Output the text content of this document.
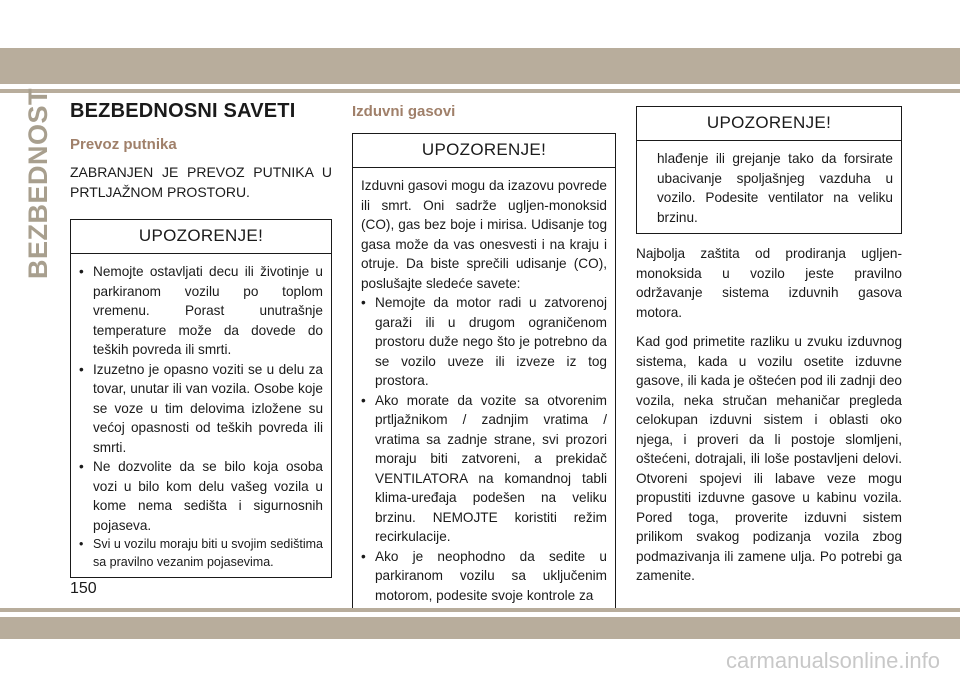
BEZBEDNOST BEZBEDNOSNI SAVETI
Prevoz putnika

ZABRANJEN JE PREVOZ PUTNIKA U PRTLJAŽNOM PROSTORU.

UPOZORENJE!
• Nemojte ostavljati decu ili životinje u parkiranom vozilu po toplom vremenu. Porast unutrašnje temperature može da dovede do teških povreda ili smrti.
• Izuzetno je opasno voziti se u delu za tovar, unutar ili van vozila. Osobe koje se voze u tim delovima izložene su većoj opasnosti od teških povreda ili smrti.
• Ne dozvolite da se bilo koja osoba vozi u bilo kom delu vašeg vozila u kome nema sedišta i sigurnosnih pojaseva.
• Svi u vozilu moraju biti u svojim sedištima sa pravilno vezanim pojasevima.
Izduvni gasovi
UPOZORENJE!

Izduvni gasovi mogu da izazovu povrede ili smrt. Oni sadrže ugljen-monoksid (CO), gas bez boje i mirisa. Udisanje tog gasa može da vas onesvesti i na kraju i otruje. Da biste sprečili udisanje (CO), poslušajte sledeće savete:

• Nemojte da motor radi u zatvorenoj garaži ili u drugom ograničenom prostoru duže nego što je potrebno da se vozilo uveze ili izveze iz tog prostora.
• Ako morate da vozite sa otvorenim prtljažnikom / zadnjim vratima / vratima sa zadnje strane, svi prozori moraju biti zatvoreni, a prekidač VENTILATORA na komandnoj tabli klima-uređaja podešen na veliku brzinu. NEMOJTE koristiti režim recirkulacije.
• Ako je neophodno da sedite u parkiranom vozilu sa uključenim motorom, podesite svoje kontrole za
UPOZORENJE!

hlađenje ili grejanje tako da forsirate ubacivanje spoljašnjeg vazduha u vozilo. Podesite ventilator na veliku brzinu.

Najbolja zaštita od prodiranja ugljen-monoksida u vozilo jeste pravilno održavanje sistema izduvnih gasova motora.

Kad god primetite razliku u zvuku izduvnog sistema, kada u vozilu osetite izduvne gasove, ili kada je oštećen pod ili zadnji deo vozila, neka stručan mehaničar pregleda celokupan izduvni sistem i oblasti oko njega, i proveri da li postoje slomljeni, oštećeni, dotrajali, ili loše postavljeni delovi. Otvoreni spojevi ili labave veze mogu propustiti izduvne gasove u kabinu vozila. Pored toga, proverite izduvni sistem prilikom svakog podizanja vozila zbog podmazivanja ili zamene ulja. Po potrebi ga zamenite.

150
carmanualsonline.info
